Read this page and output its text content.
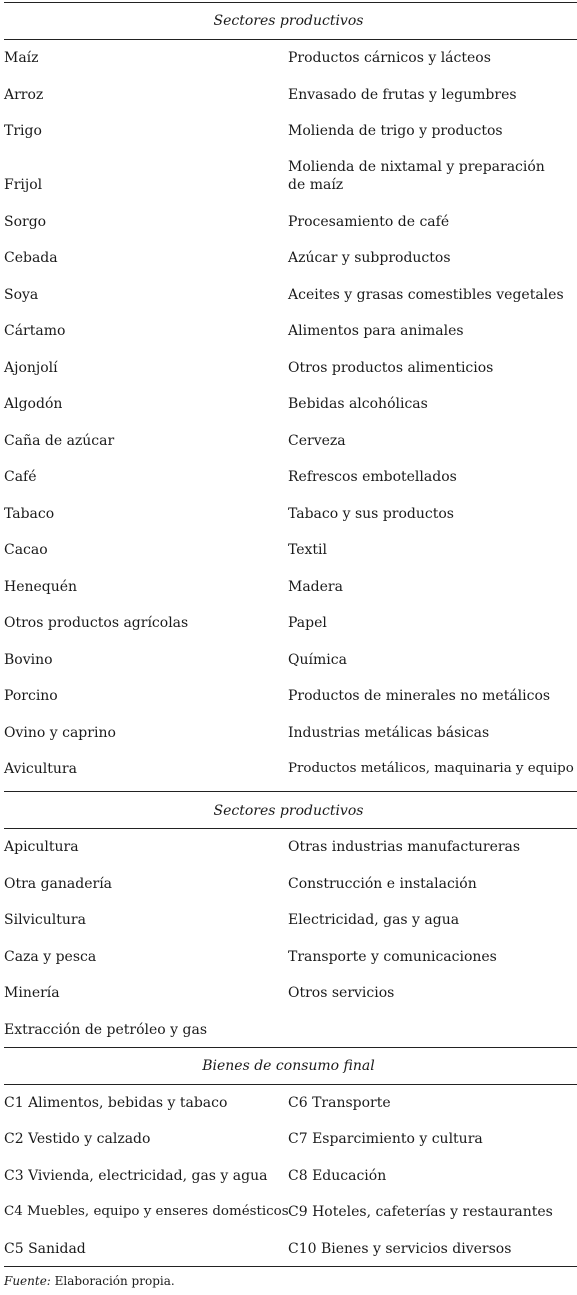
Sectores productivos
Maíz
Arroz
Trigo
Frijol
Sorgo
Cebada
Soya
Cártamo
Ajonjolí
Algodón
Caña de azúcar
Café
Tabaco
Cacao
Henequén
Otros productos agrícolas
Bovino
Porcino
Ovino y caprino
Avicultura
Productos cárnicos y lácteos
Envasado de frutas y legumbres
Molienda de trigo y productos
Molienda de nixtamal y preparación de maíz
Procesamiento de café
Azúcar y subproductos
Aceites y grasas comestibles vegetales
Alimentos para animales
Otros productos alimenticios
Bebidas alcohólicas
Cerveza
Refrescos embotellados
Tabaco y sus productos
Textil
Madera
Papel
Química
Productos de minerales no metálicos
Industrias metálicas básicas
Productos metálicos, maquinaria y equipo
Sectores productivos
Apicultura
Otra ganadería
Silvicultura
Caza y pesca
Minería
Extracción de petróleo y gas
Otras industrias manufactureras
Construcción e instalación
Electricidad, gas y agua
Transporte y comunicaciones
Otros servicios
Bienes de consumo final
C1 Alimentos, bebidas y tabaco
C2 Vestido y calzado
C3 Vivienda, electricidad, gas y agua
C4 Muebles, equipo y enseres domésticos
C5 Sanidad
C6 Transporte
C7 Esparcimiento y cultura
C8 Educación
C9 Hoteles, cafeterías y restaurantes
C10 Bienes y servicios diversos
Fuente: Elaboración propia.
